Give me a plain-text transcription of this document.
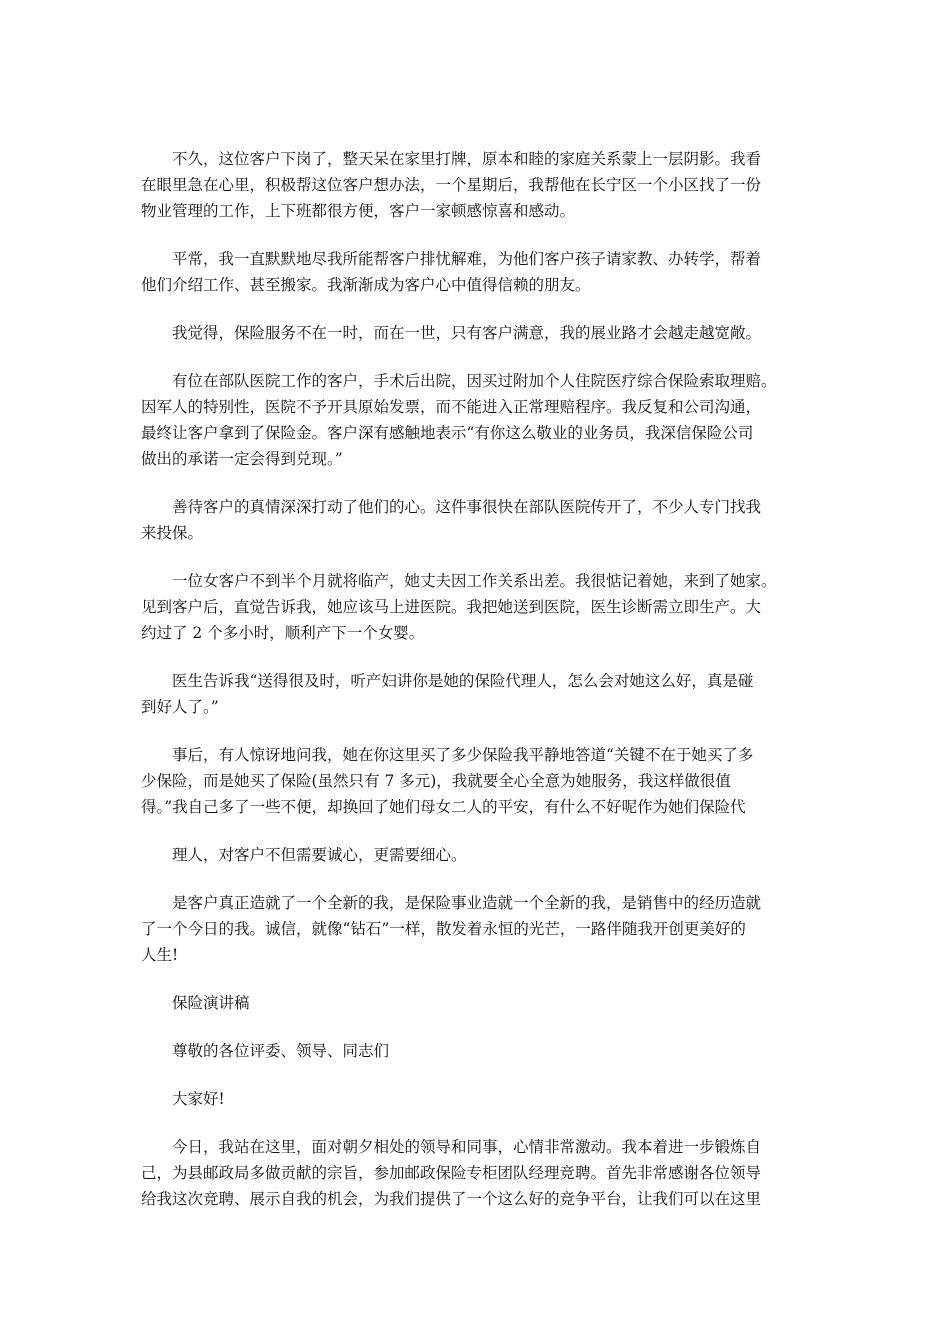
不久，这位客户下岗了，整天呆在家里打牌，原本和睦的家庭关系蒙上一层阴影。我看
在眼里急在心里，积极帮这位客户想办法，一个星期后，我帮他在长宁区一个小区找了一份
物业管理的工作，上下班都很方便，客户一家顿感惊喜和感动。
平常，我一直默默地尽我所能帮客户排忧解难，为他们客户孩子请家教、办转学，帮着
他们介绍工作、甚至搬家。我渐渐成为客户心中值得信赖的朋友。
我觉得，保险服务不在一时，而在一世，只有客户满意，我的展业路才会越走越宽敞。
有位在部队医院工作的客户，手术后出院，因买过附加个人住院医疗综合保险索取理赔。
因军人的特别性，医院不予开具原始发票，而不能进入正常理赔程序。我反复和公司沟通，
最终让客户拿到了保险金。客户深有感触地表示“有你这么敬业的业务员，我深信保险公司
做出的承诺一定会得到兑现。”
善待客户的真情深深打动了他们的心。这件事很快在部队医院传开了，不少人专门找我
来投保。
一位女客户不到半个月就将临产，她丈夫因工作关系出差。我很惦记着她，来到了她家。
见到客户后，直觉告诉我，她应该马上进医院。我把她送到医院，医生诊断需立即生产。大
约过了 2 个多小时，顺利产下一个女婴。
医生告诉我“送得很及时，听产妇讲你是她的保险代理人，怎么会对她这么好，真是碰
到好人了。”
事后，有人惊讶地问我，她在你这里买了多少保险我平静地答道“关键不在于她买了多
少保险，而是她买了保险(虽然只有 7 多元)，我就要全心全意为她服务，我这样做很值
得。”我自己多了一些不便，却换回了她们母女二人的平安，有什么不好呢作为她们保险代
理人，对客户不但需要诚心，更需要细心。
是客户真正造就了一个全新的我，是保险事业造就一个全新的我，是销售中的经历造就
了一个今日的我。诚信，就像“钻石”一样，散发着永恒的光芒，一路伴随我开创更美好的
人生!
保险演讲稿
尊敬的各位评委、领导、同志们
大家好!
今日，我站在这里，面对朝夕相处的领导和同事，心情非常激动。我本着进一步锻炼自
己，为县邮政局多做贡献的宗旨，参加邮政保险专柜团队经理竞聘。首先非常感谢各位领导
给我这次竞聘、展示自我的机会，为我们提供了一个这么好的竞争平台，让我们可以在这里
